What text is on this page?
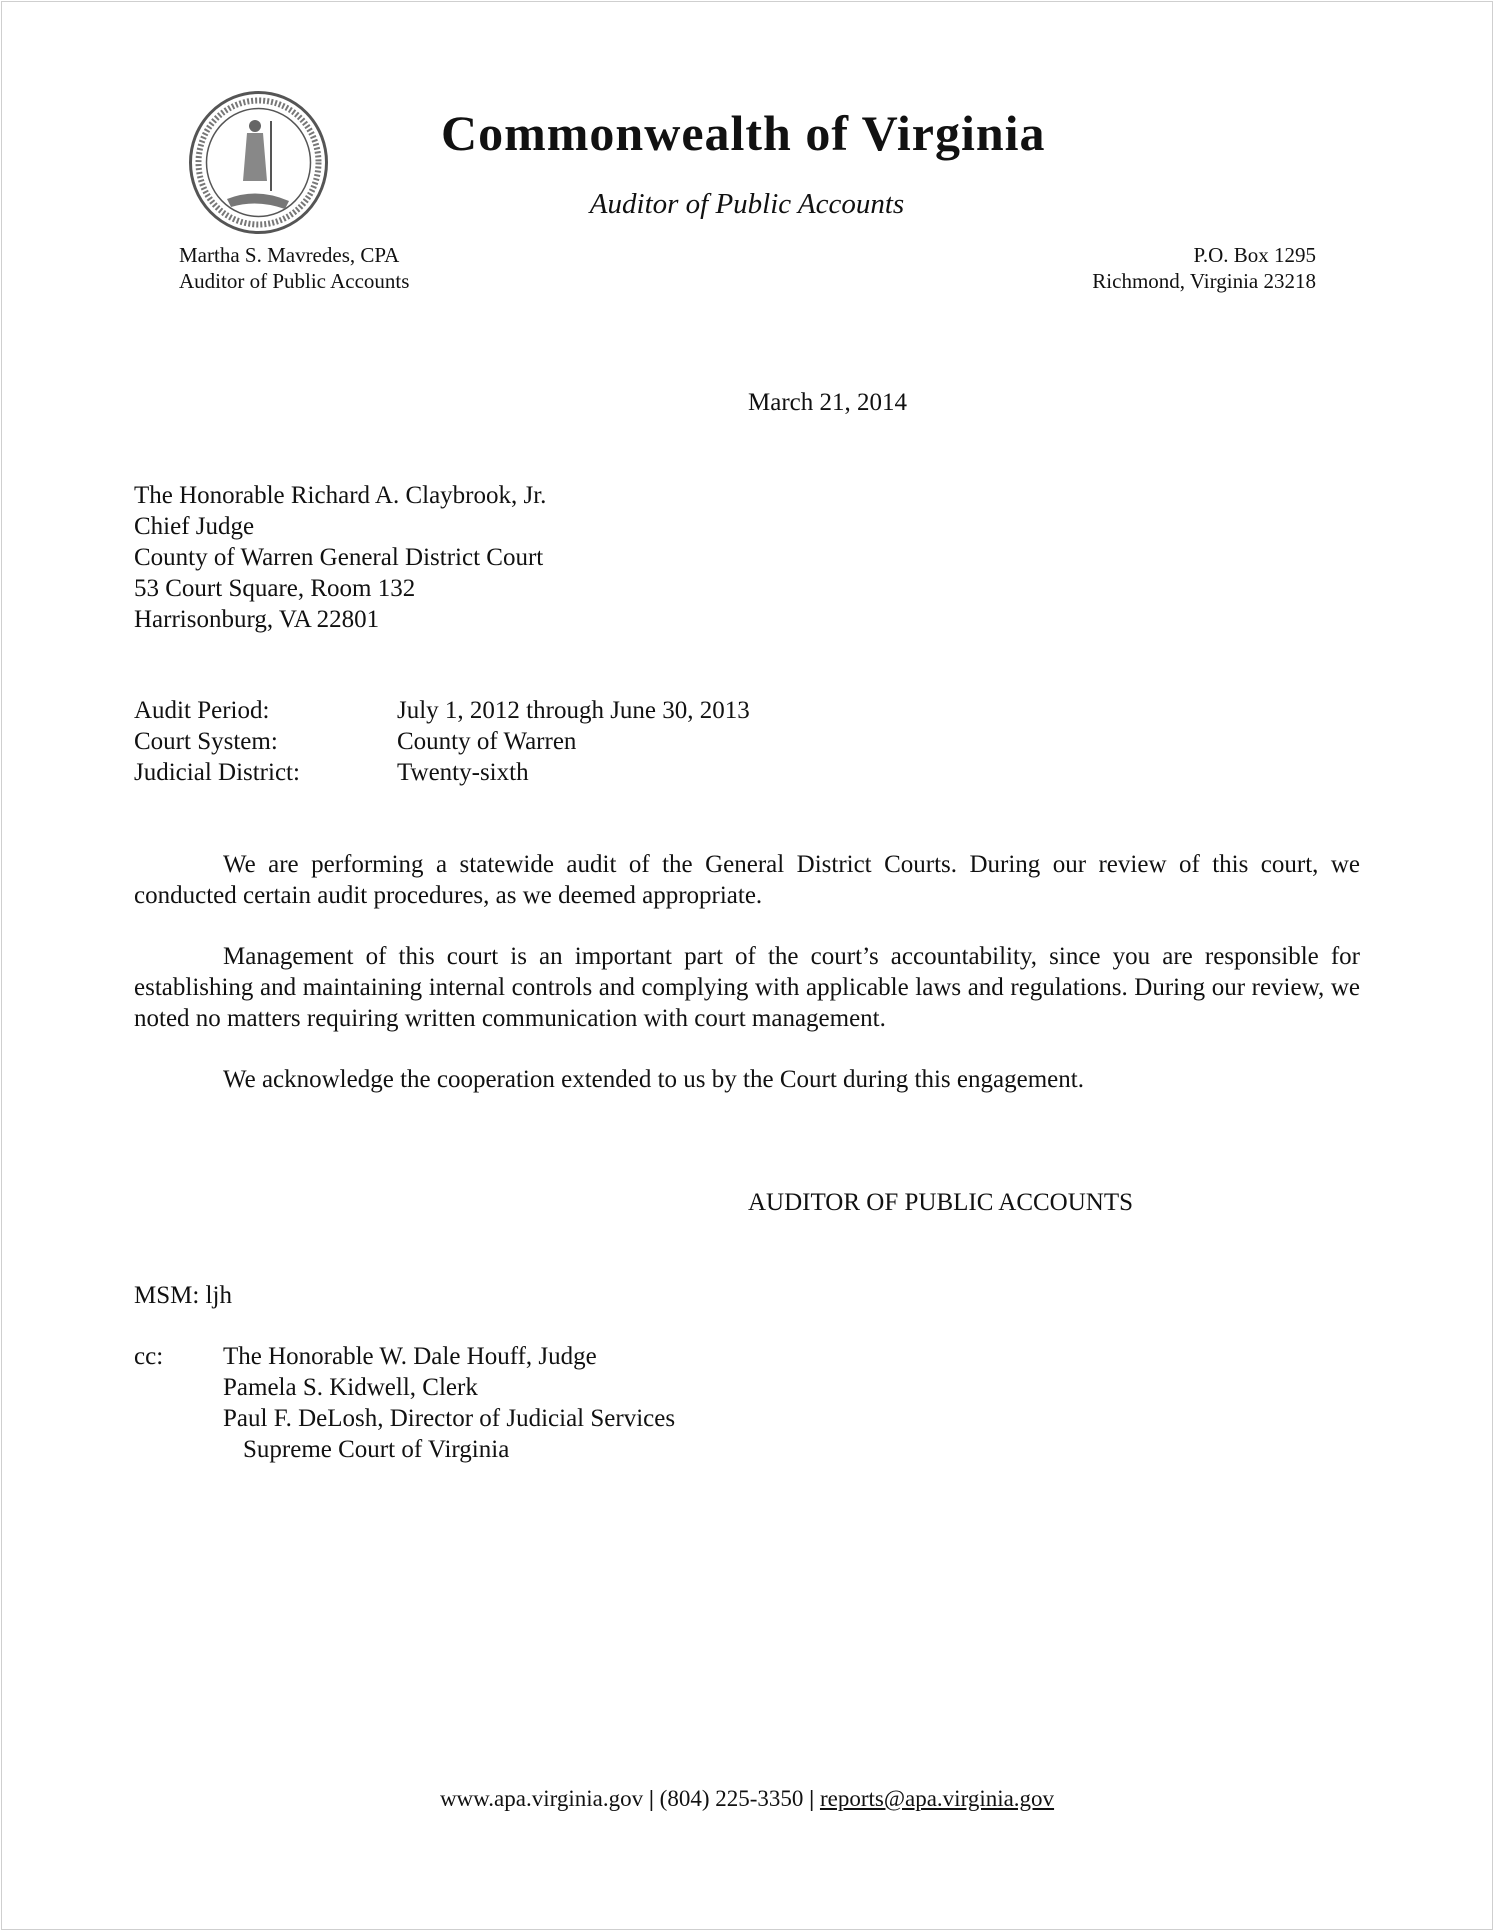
Commonwealth of Virginia
Auditor of Public Accounts
Martha S. Mavredes, CPA
Auditor of Public Accounts
P.O. Box 1295
Richmond, Virginia 23218
March 21, 2014
The Honorable Richard A. Claybrook, Jr.
Chief Judge
County of Warren General District Court
53 Court Square, Room 132
Harrisonburg, VA 22801
Audit Period:	July 1, 2012 through June 30, 2013
Court System:	County of Warren
Judicial District:	Twenty-sixth
We are performing a statewide audit of the General District Courts. During our review of this court, we conducted certain audit procedures, as we deemed appropriate.
Management of this court is an important part of the court’s accountability, since you are responsible for establishing and maintaining internal controls and complying with applicable laws and regulations. During our review, we noted no matters requiring written communication with court management.
We acknowledge the cooperation extended to us by the Court during this engagement.
AUDITOR OF PUBLIC ACCOUNTS
MSM: ljh
cc: The Honorable W. Dale Houff, Judge
Pamela S. Kidwell, Clerk
Paul F. DeLosh, Director of Judicial Services
Supreme Court of Virginia
www.apa.virginia.gov | (804) 225-3350 | reports@apa.virginia.gov
